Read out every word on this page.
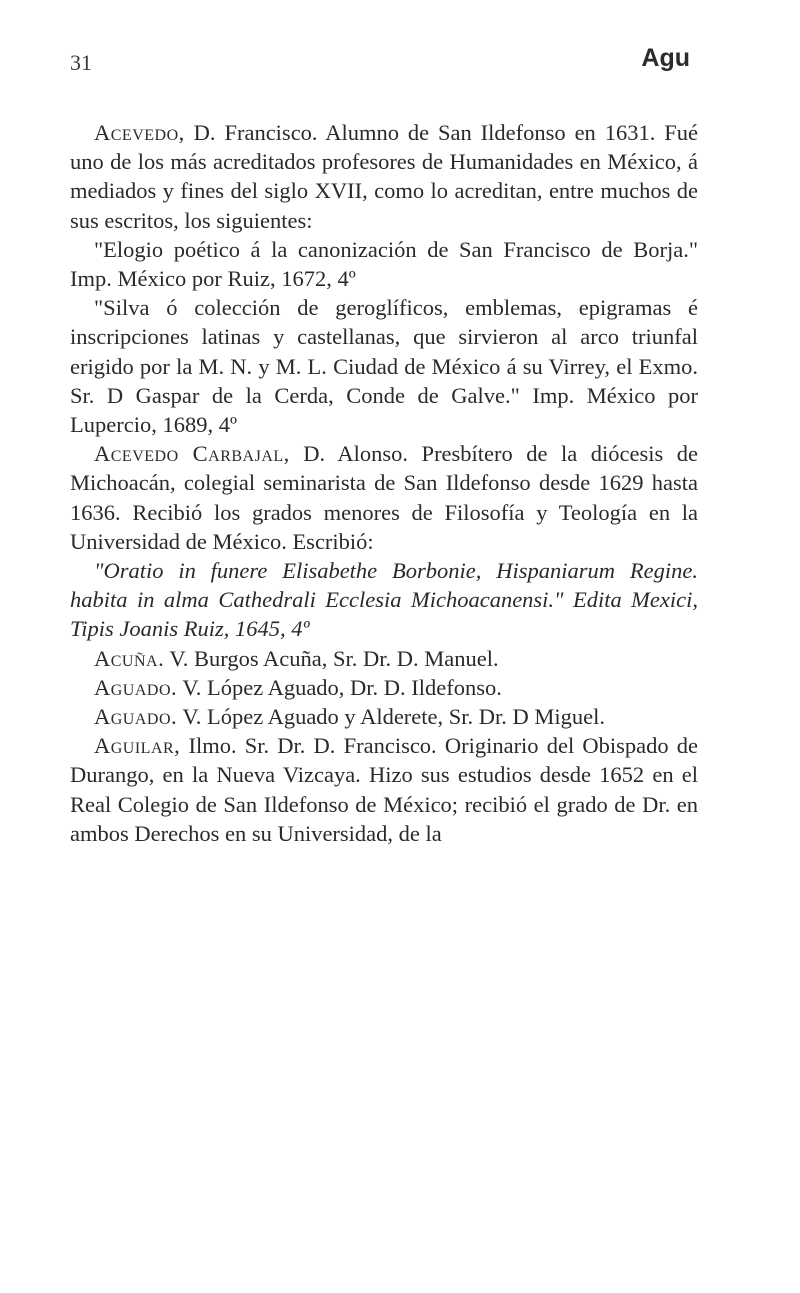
31	Agu

Acevedo, D. Francisco. Alumno de San Ildefonso en 1631. Fué uno de los más acreditados profesores de Humanidades en México, á mediados y fines del siglo XVII, como lo acreditan, entre muchos de sus escritos, los siguientes:

"Elogio poético á la canonización de San Francisco de Borja." Imp. México por Ruiz, 1672, 4º

"Silva ó colección de geroglíficos, emblemas, epigramas é inscripciones latinas y castellanas, que sirvieron al arco triunfal erigido por la M. N. y M. L. Ciudad de México á su Virrey, el Exmo. Sr. D Gaspar de la Cerda, Conde de Galve." Imp. México por Lupercio, 1689, 4º

Acevedo Carbajal, D. Alonso. Presbítero de la diócesis de Michoacán, colegial seminarista de San Ildefonso desde 1629 hasta 1636. Recibió los grados menores de Filosofía y Teología en la Universidad de México. Escribió:

"Oratio in funere Elisabethe Borbonie, Hispaniarum Regine. habita in alma Cathedrali Ecclesia Michoacanensi." Edita Mexici, Tipis Joanis Ruiz, 1645, 4º

Acuña. V. Burgos Acuña, Sr. Dr. D. Manuel.

Aguado. V. López Aguado, Dr. D. Ildefonso.

Aguado. V. López Aguado y Alderete, Sr. Dr. D Miguel.

Aguilar, Ilmo. Sr. Dr. D. Francisco. Originario del Obispado de Durango, en la Nueva Vizcaya. Hizo sus estudios desde 1652 en el Real Colegio de San Ildefonso de México; recibió el grado de Dr. en ambos Derechos en su Universidad, de la
